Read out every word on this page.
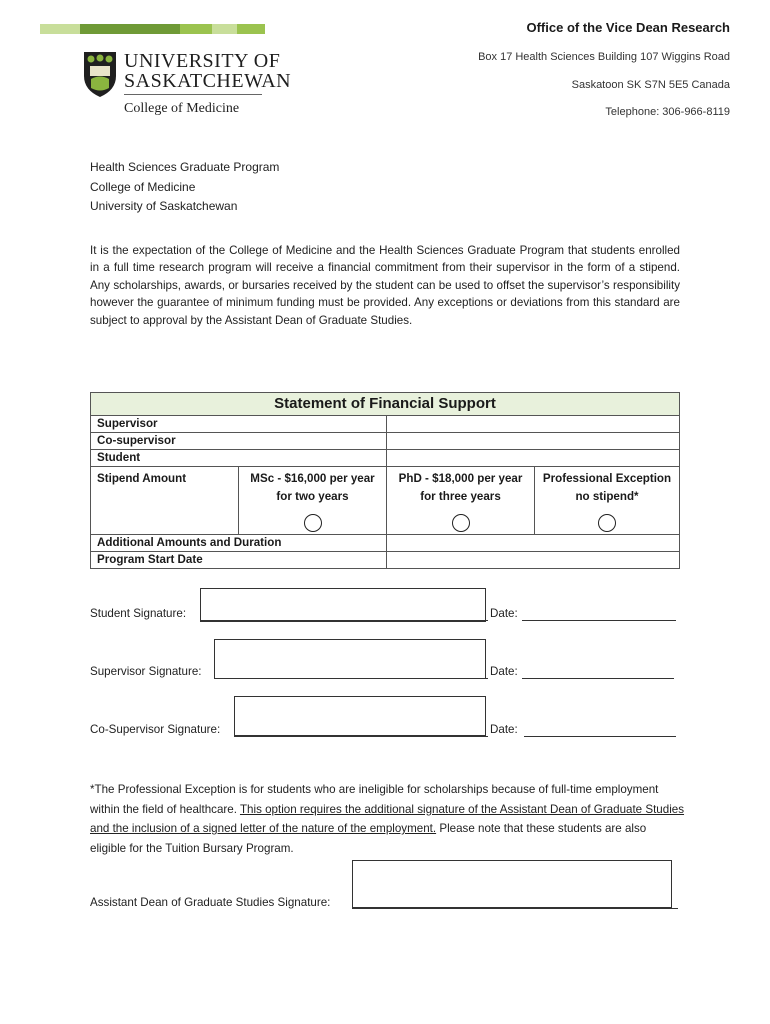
UNIVERSITY OF
SASKATCHEWAN
College of Medicine
Office of the Vice Dean Research
Box 17 Health Sciences Building 107 Wiggins Road
Saskatoon SK S7N 5E5 Canada
Telephone: 306-966-8119
Health Sciences Graduate Program
College of Medicine
University of Saskatchewan
It is the expectation of the College of Medicine and the Health Sciences Graduate Program that students enrolled in a full time research program will receive a financial commitment from their supervisor in the form of a stipend. Any scholarships, awards, or bursaries received by the student can be used to offset the supervisor’s responsibility however the guarantee of minimum funding must be provided. Any exceptions or deviations from this standard are subject to approval by the Assistant Dean of Graduate Studies.
Statement of Financial Support			
Supervisor			
Co-supervisor			
Student			
Stipend Amount	MSc - $16,000 per year for two years	PhD - $18,000 per year for three years	Professional Exception no stipend*

Additional Amounts and Duration			
Program Start Date			
Student Signature:	Date:
Supervisor Signature:	Date:
Co-Supervisor Signature:	Date:
*The Professional Exception is for students who are ineligible for scholarships because of full-time employment within the field of healthcare. This option requires the additional signature of the Assistant Dean of Graduate Studies and the inclusion of a signed letter of the nature of the employment. Please note that these students are also eligible for the Tuition Bursary Program.
Assistant Dean of Graduate Studies Signature:
